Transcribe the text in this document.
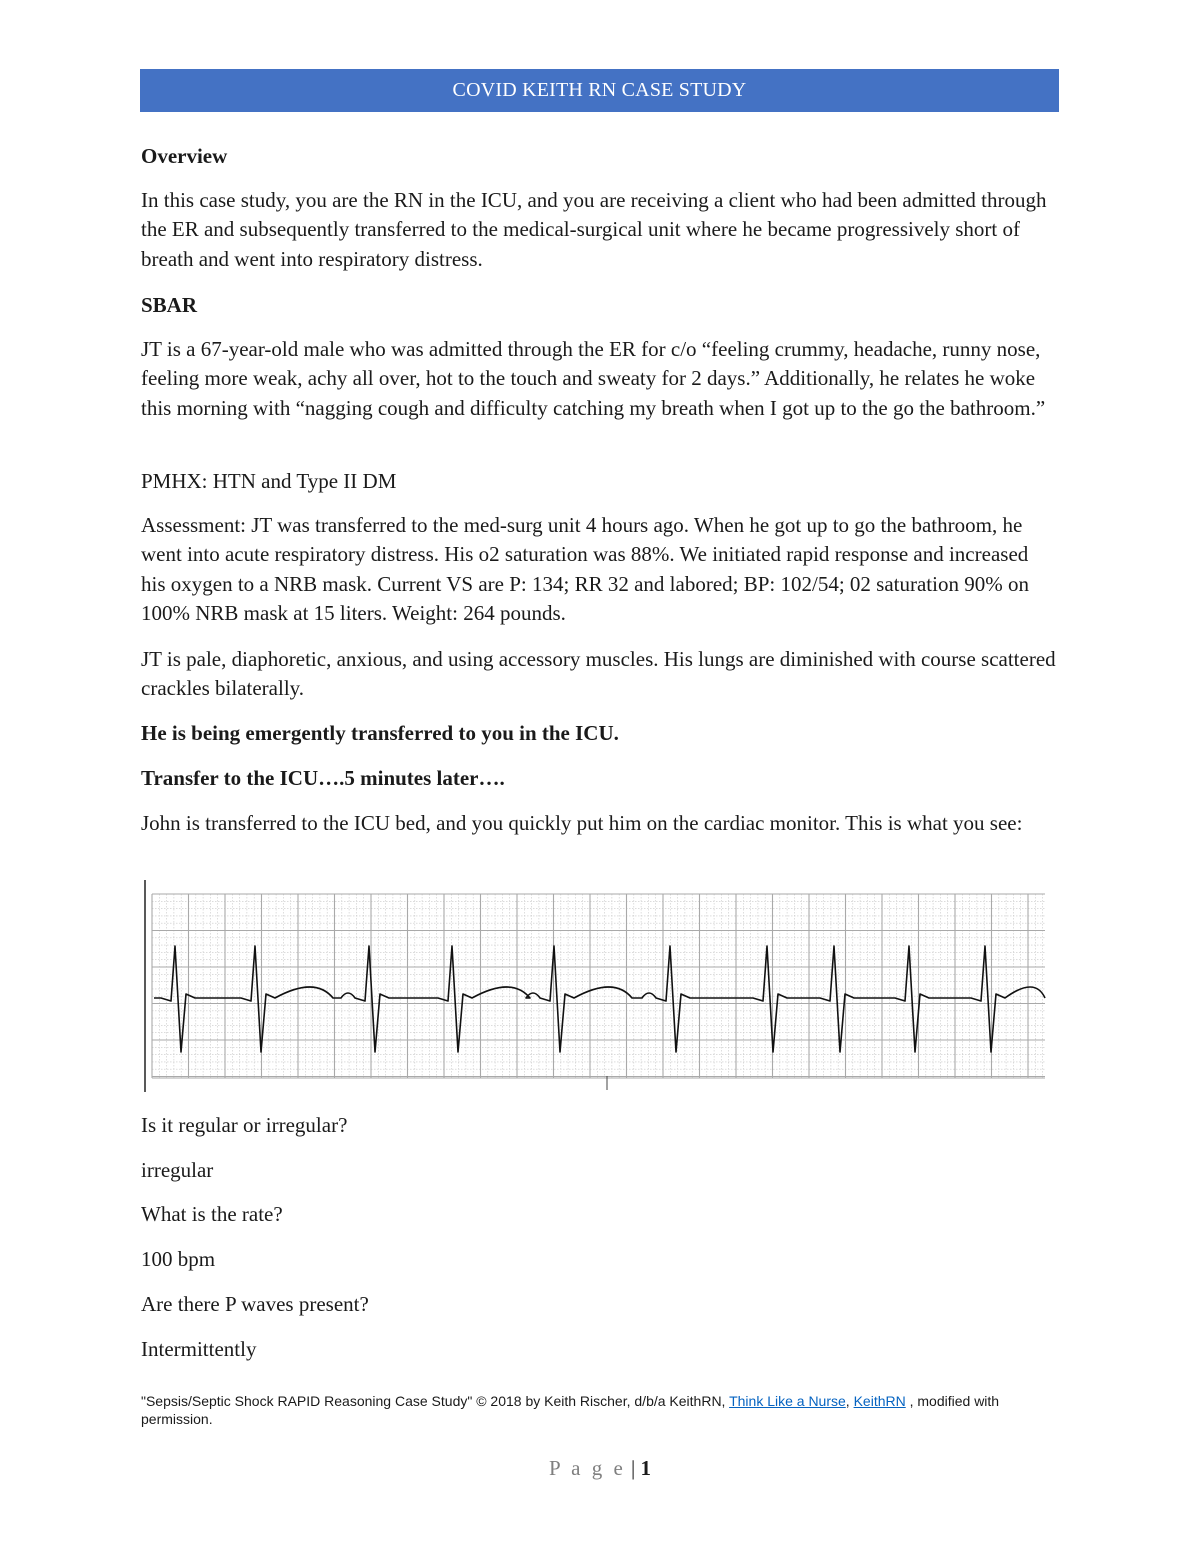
COVID KEITH RN CASE STUDY

Overview

In this case study, you are the RN in the ICU, and you are receiving a client who had been admitted through the ER and subsequently transferred to the medical-surgical unit where he became progressively short of breath and went into respiratory distress.

SBAR

JT is a 67-year-old male who was admitted through the ER for c/o “feeling crummy, headache, runny nose, feeling more weak, achy all over, hot to the touch and sweaty for 2 days.” Additionally, he relates he woke this morning with “nagging cough and difficulty catching my breath when I got up to the go the bathroom.”

PMHX: HTN and Type II DM

Assessment: JT was transferred to the med-surg unit 4 hours ago. When he got up to go the bathroom, he went into acute respiratory distress. His o2 saturation was 88%. We initiated rapid response and increased his oxygen to a NRB mask. Current VS are P: 134; RR 32 and labored; BP: 102/54; 02 saturation 90% on 100% NRB mask at 15 liters. Weight: 264 pounds.

JT is pale, diaphoretic, anxious, and using accessory muscles. His lungs are diminished with course scattered crackles bilaterally.

He is being emergently transferred to you in the ICU.

Transfer to the ICU….5 minutes later….

John is transferred to the ICU bed, and you quickly put him on the cardiac monitor. This is what you see:

Is it regular or irregular?

irregular

What is the rate?

100 bpm

Are there P waves present?

Intermittently

"Sepsis/Septic Shock RAPID Reasoning Case Study" © 2018 by Keith Rischer, d/b/a KeithRN, Think Like a Nurse, KeithRN , modified with permission.
P a g e | 1
